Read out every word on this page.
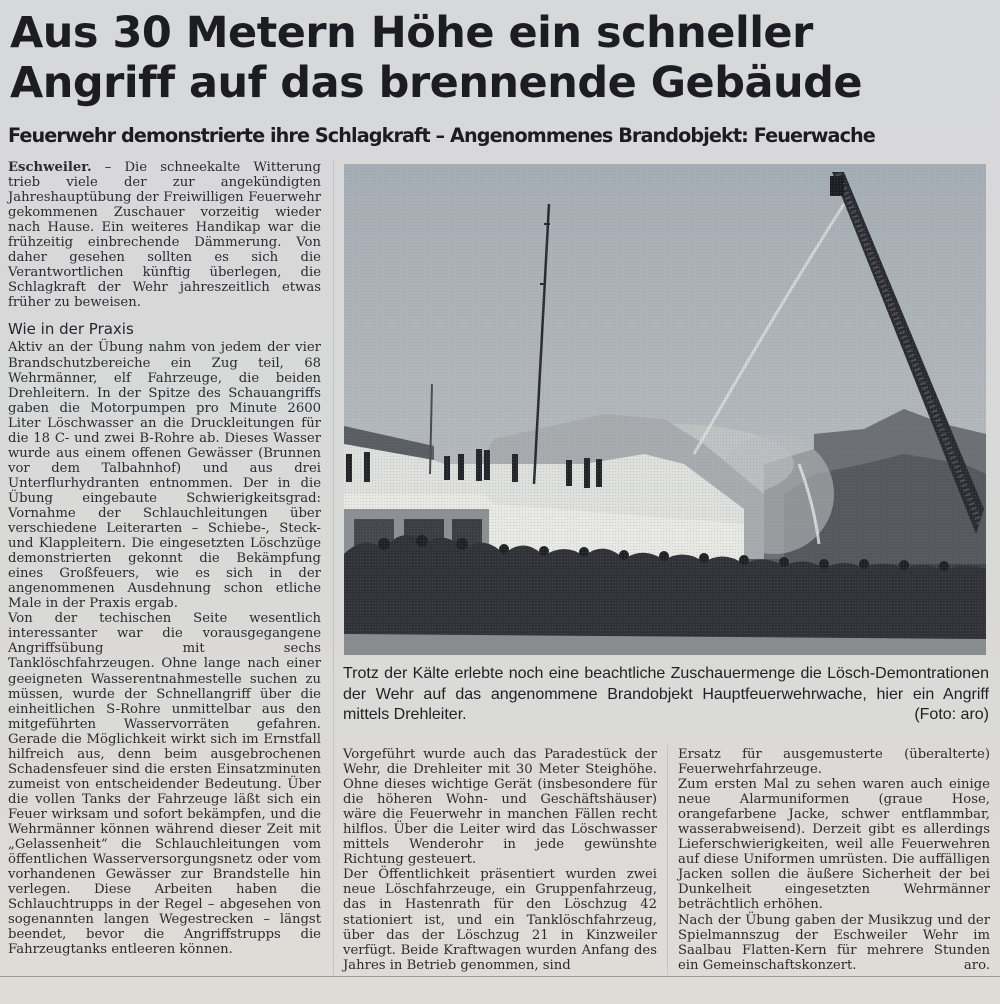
Aus 30 Metern Höhe ein schneller Angriff auf das brennende Gebäude
Feuerwehr demonstrierte ihre Schlagkraft – Angenommenes Brandobjekt: Feuerwache

Eschweiler. – Die schneekalte Witterung trieb viele der zur angekündigten Jahreshauptübung der Freiwilligen Feuerwehr gekommenen Zuschauer vorzeitig wieder nach Hause. Ein weiteres Handikap war die frühzeitig einbrechende Dämmerung. Von daher gesehen sollten es sich die Verantwortlichen künftig überlegen, die Schlagkraft der Wehr jahreszeitlich etwas früher zu beweisen.

Wie in der Praxis

Aktiv an der Übung nahm von jedem der vier Brandschutzbereiche ein Zug teil, 68 Wehrmänner, elf Fahrzeuge, die beiden Drehleitern. In der Spitze des Schauangriffs gaben die Motorpumpen pro Minute 2600 Liter Löschwasser an die Druckleitungen für die 18 C- und zwei B-Rohre ab. Dieses Wasser wurde aus einem offenen Gewässer (Brunnen vor dem Talbahnhof) und aus drei Unterflurhydranten entnommen. Der in die Übung eingebaute Schwierigkeitsgrad: Vornahme der Schlauchleitungen über verschiedene Leiterarten – Schiebe-, Steck- und Klappleitern. Die eingesetzten Löschzüge demonstrierten gekonnt die Bekämpfung eines Großfeuers, wie es sich in der angenommenen Ausdehnung schon etliche Male in der Praxis ergab.

Von der techischen Seite wesentlich interessanter war die vorausgegangene Angriffsübung mit sechs Tanklöschfahrzeugen. Ohne lange nach einer geeigneten Wasserentnahmestelle suchen zu müssen, wurde der Schnellangriff über die einheitlichen S-Rohre unmittelbar aus den mitgeführten Wasservorräten gefahren. Gerade die Möglichkeit wirkt sich im Ernstfall hilfreich aus, denn beim ausgebrochenen Schadensfeuer sind die ersten Einsatzminuten zumeist von entscheidender Bedeutung. Über die vollen Tanks der Fahrzeuge läßt sich ein Feuer wirksam und sofort bekämpfen, und die Wehrmänner können während dieser Zeit mit „Gelassenheit“ die Schlauchleitungen vom öffentlichen Wasserversorgungsnetz oder vom vorhandenen Gewässer zur Brandstelle hin verlegen. Diese Arbeiten haben die Schlauchtrupps in der Regel – abgesehen von sogenannten langen Wegestrecken – längst beendet, bevor die Angriffstrupps die Fahrzeugtanks entleeren können.

Trotz der Kälte erlebte noch eine beachtliche Zuschauermenge die Lösch-Demontrationen der Wehr auf das angenommene Brandobjekt Hauptfeuerwehrwache, hier ein Angriff mittels Drehleiter.	(Foto: aro)

Vorgeführt wurde auch das Paradestück der Wehr, die Drehleiter mit 30 Meter Steighöhe. Ohne dieses wichtige Gerät (insbesondere für die höheren Wohn- und Geschäftshäuser) wäre die Feuerwehr in manchen Fällen recht hilflos. Über die Leiter wird das Löschwasser mittels Wenderohr in jede gewünshte Richtung gesteuert.

Der Öffentlichkeit präsentiert wurden zwei neue Löschfahrzeuge, ein Gruppenfahrzeug, das in Hastenrath für den Löschzug 42 stationiert ist, und ein Tanklöschfahrzeug, über das der Löschzug 21 in Kinzweiler verfügt. Beide Kraftwagen wurden Anfang des Jahres in Betrieb genommen, sind

Ersatz für ausgemusterte (überalterte) Feuerwehrfahrzeuge.

Zum ersten Mal zu sehen waren auch einige neue Alarmuniformen (graue Hose, orangefarbene Jacke, schwer entflammbar, wasserabweisend). Derzeit gibt es allerdings Lieferschwierigkeiten, weil alle Feuerwehren auf diese Uniformen umrüsten. Die auffälligen Jacken sollen die äußere Sicherheit der bei Dunkelheit eingesetzten Wehrmänner beträchtlich erhöhen.

Nach der Übung gaben der Musikzug und der Spielmannszug der Eschweiler Wehr im Saalbau Flatten-Kern für mehrere Stunden ein Gemeinschaftskonzert.	aro.
